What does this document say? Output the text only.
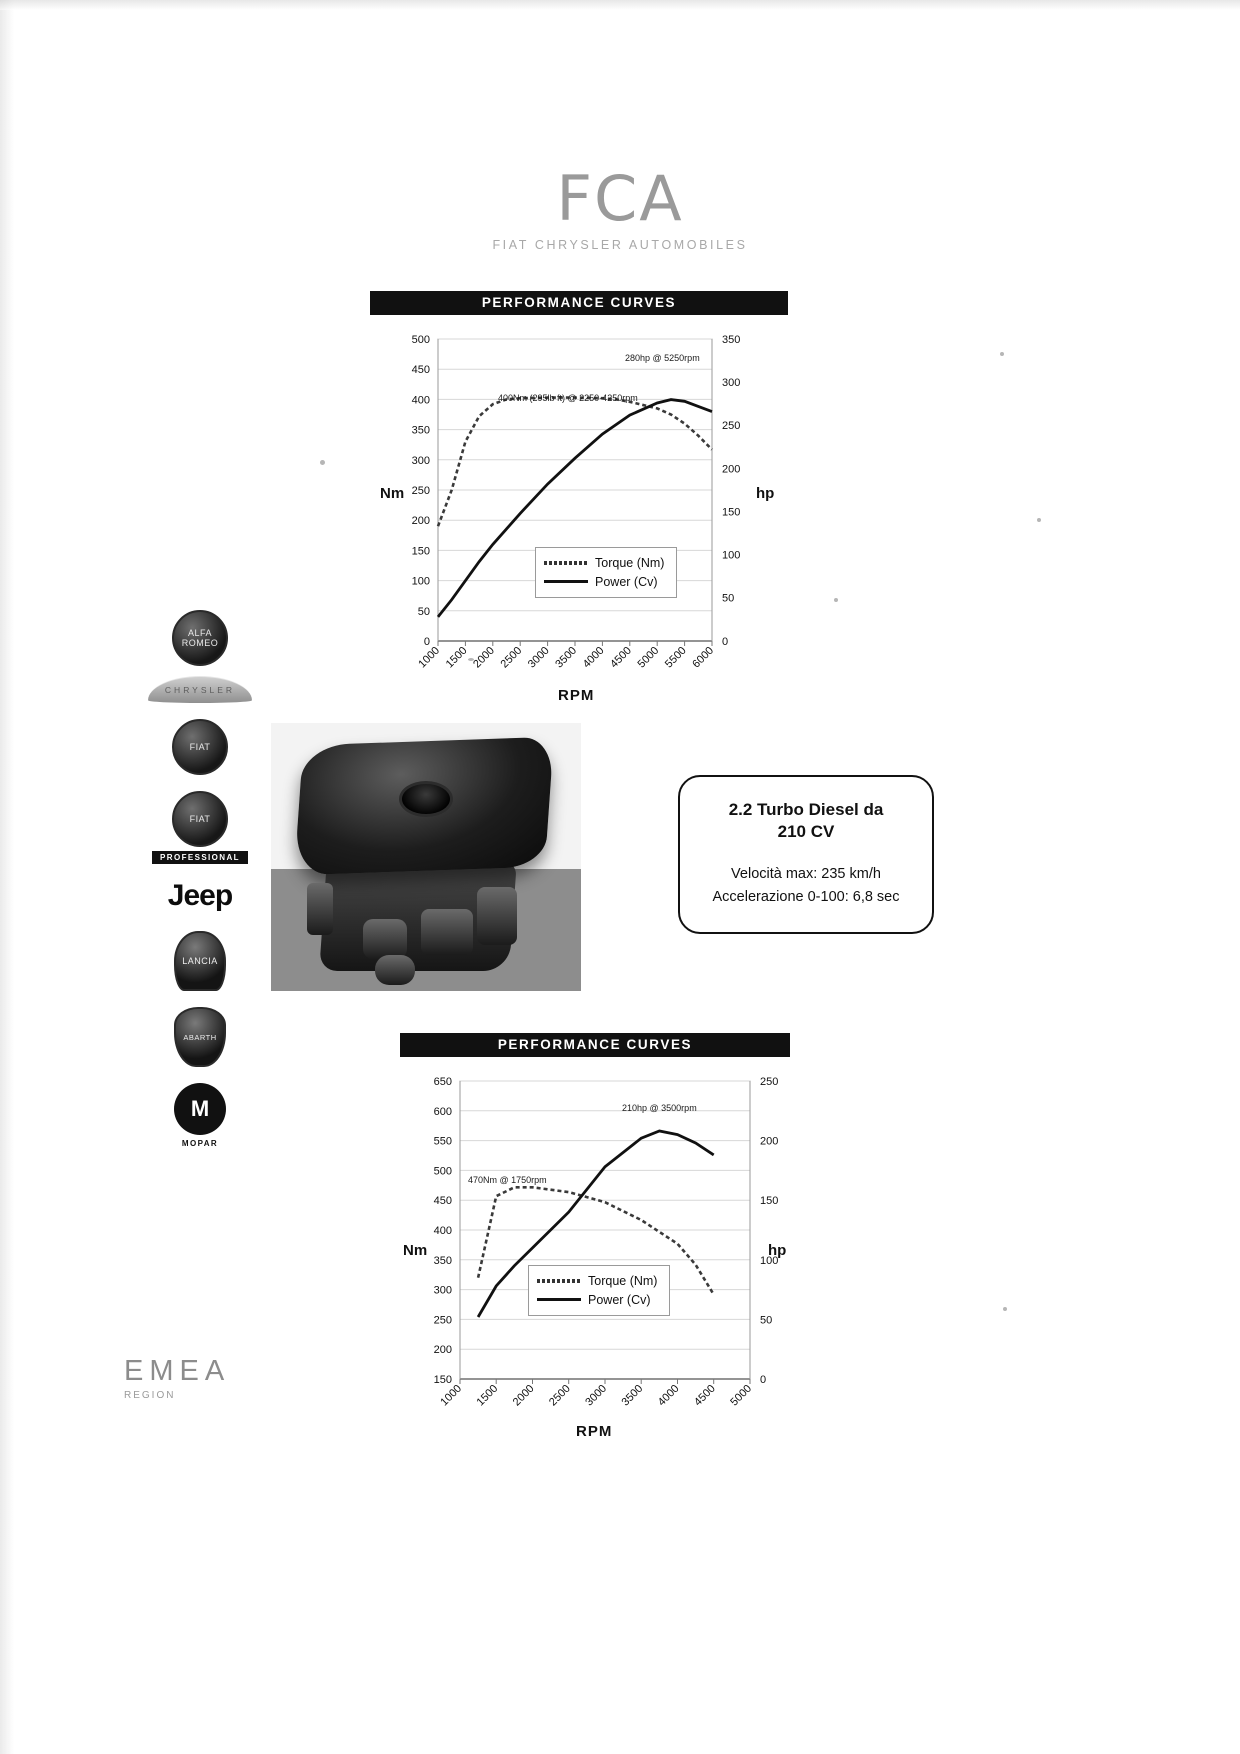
FCA
FIAT CHRYSLER AUTOMOBILES
ALFA ROMEO
CHRYSLER
FIAT
FIAT
PROFESSIONAL
Jeep
LANCIA
ABARTH
M
MOPAR
EMEA
REGION
PERFORMANCE CURVES
500
450
400
350
300
250
200
150
100
50
0
350
300
250
200
150
100
50
0
1000 1500 2000 2500 3000 3500 4000 4500 5000 5500 6000
280hp @ 5250rpm
400Nm (295lb ft) @ 2250-4250rpm
Nm	hp
Torque (Nm)
Power (Cv)
RPM
2.2 Turbo Diesel da
210 CV
Velocità max: 235 km/h
Accelerazione 0-100: 6,8 sec
PERFORMANCE CURVES
650
600
550
500
450
400
350
300
250
200
150
250
200
150
100
50
0
1000 1500 2000 2500 3000 3500 4000 4500 5000
210hp @ 3500rpm
470Nm @ 1750rpm
Nm	hp
Torque (Nm)
Power (Cv)
RPM
